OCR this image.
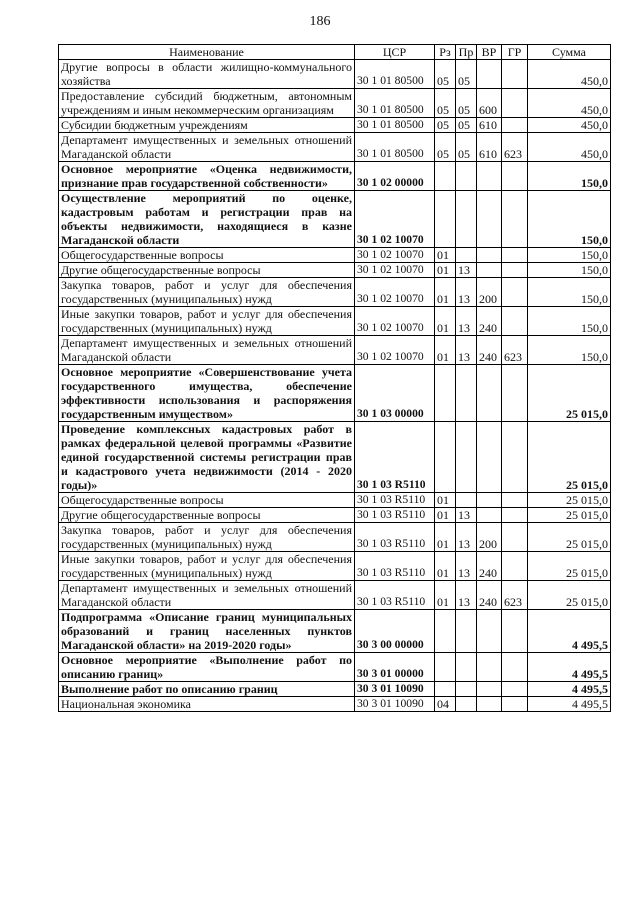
186
Наименование	ЦСР	Рз	Пр	ВР	ГР	Сумма
Другие вопросы в области жилищно-коммунального хозяйства	30 1 01 80500	05	05			450,0
Предоставление субсидий бюджетным, автономным учреждениям и иным некоммерческим организациям	30 1 01 80500	05	05	600		450,0
Субсидии бюджетным учреждениям	30 1 01 80500	05	05	610		450,0
Департамент имущественных и земельных отношений Магаданской области	30 1 01 80500	05	05	610	623	450,0
Основное мероприятие «Оценка недвижимости, признание прав государственной собственности»	30 1 02 00000					150,0
Осуществление мероприятий по оценке, кадастровым работам и регистрации прав на объекты недвижимости, находящиеся в казне Магаданской области	30 1 02 10070					150,0
Общегосударственные вопросы	30 1 02 10070	01				150,0
Другие общегосударственные вопросы	30 1 02 10070	01	13			150,0
Закупка товаров, работ и услуг для обеспечения государственных (муниципальных) нужд	30 1 02 10070	01	13	200		150,0
Иные закупки товаров, работ и услуг для обеспечения государственных (муниципальных) нужд	30 1 02 10070	01	13	240		150,0
Департамент имущественных и земельных отношений Магаданской области	30 1 02 10070	01	13	240	623	150,0
Основное мероприятие «Совершенствование учета государственного имущества, обеспечение эффективности использования и распоряжения государственным имуществом»	30 1 03 00000					25 015,0
Проведение комплексных кадастровых работ в рамках федеральной целевой программы «Развитие единой государственной системы регистрации прав и кадастрового учета недвижимости (2014 - 2020 годы)»	30 1 03 R5110					25 015,0
Общегосударственные вопросы	30 1 03 R5110	01				25 015,0
Другие общегосударственные вопросы	30 1 03 R5110	01	13			25 015,0
Закупка товаров, работ и услуг для обеспечения государственных (муниципальных) нужд	30 1 03 R5110	01	13	200		25 015,0
Иные закупки товаров, работ и услуг для обеспечения государственных (муниципальных) нужд	30 1 03 R5110	01	13	240		25 015,0
Департамент имущественных и земельных отношений Магаданской области	30 1 03 R5110	01	13	240	623	25 015,0
Подпрограмма «Описание границ муниципальных образований и границ населенных пунктов Магаданской области» на 2019-2020 годы»	30 3 00 00000					4 495,5
Основное мероприятие «Выполнение работ по описанию границ»	30 3 01 00000					4 495,5
Выполнение работ по описанию границ	30 3 01 10090					4 495,5
Национальная экономика	30 3 01 10090	04				4 495,5
